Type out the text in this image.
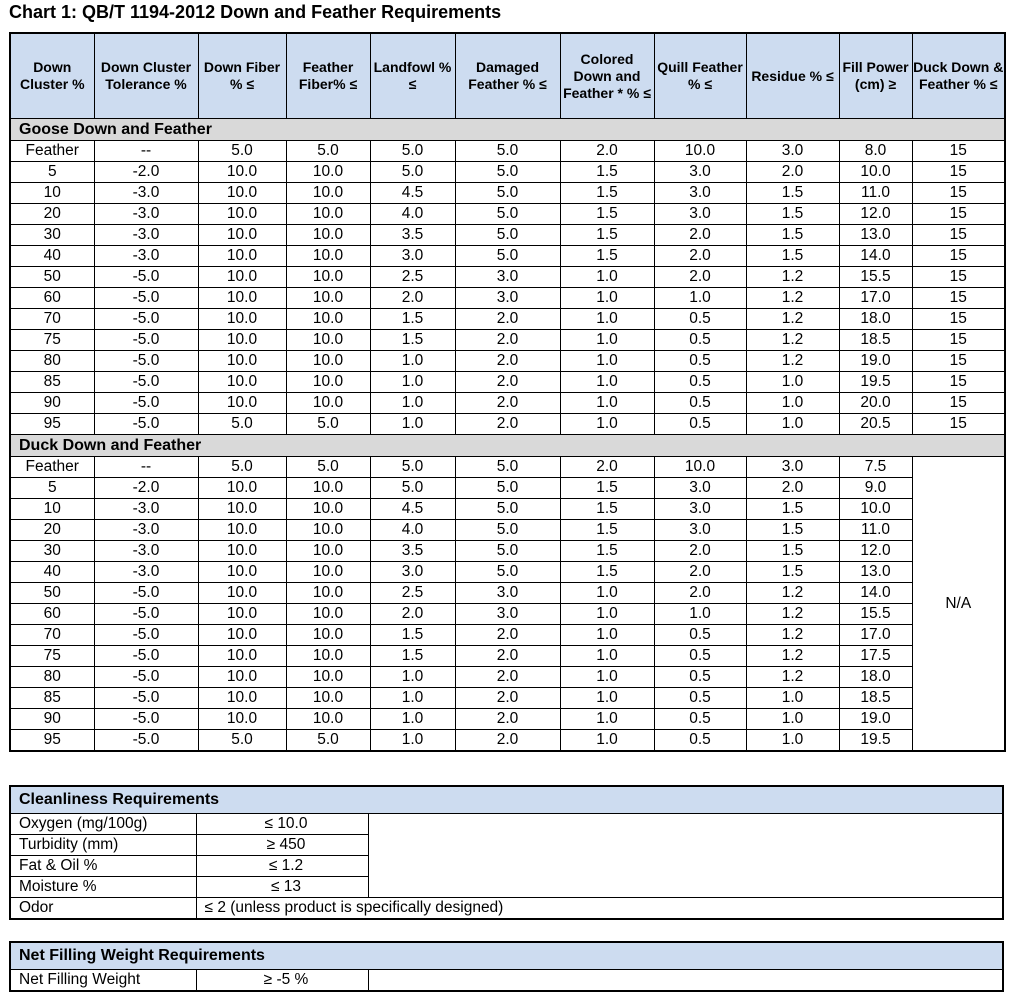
Chart 1: QB/T 1194-2012 Down and Feather Requirements
Down Cluster %	Down Cluster Tolerance %	Down Fiber % ≤	Feather Fiber% ≤	Landfowl % ≤	Damaged Feather % ≤	Colored Down and Feather * % ≤	Quill Feather % ≤	Residue % ≤	Fill Power (cm) ≥	Duck Down & Feather % ≤
Goose Down and Feather										
Feather	--	5.0	5.0	5.0	5.0	2.0	10.0	3.0	8.0	15
5	-2.0	10.0	10.0	5.0	5.0	1.5	3.0	2.0	10.0	15
10	-3.0	10.0	10.0	4.5	5.0	1.5	3.0	1.5	11.0	15
20	-3.0	10.0	10.0	4.0	5.0	1.5	3.0	1.5	12.0	15
30	-3.0	10.0	10.0	3.5	5.0	1.5	2.0	1.5	13.0	15
40	-3.0	10.0	10.0	3.0	5.0	1.5	2.0	1.5	14.0	15
50	-5.0	10.0	10.0	2.5	3.0	1.0	2.0	1.2	15.5	15
60	-5.0	10.0	10.0	2.0	3.0	1.0	1.0	1.2	17.0	15
70	-5.0	10.0	10.0	1.5	2.0	1.0	0.5	1.2	18.0	15
75	-5.0	10.0	10.0	1.5	2.0	1.0	0.5	1.2	18.5	15
80	-5.0	10.0	10.0	1.0	2.0	1.0	0.5	1.2	19.0	15
85	-5.0	10.0	10.0	1.0	2.0	1.0	0.5	1.0	19.5	15
90	-5.0	10.0	10.0	1.0	2.0	1.0	0.5	1.0	20.0	15
95	-5.0	5.0	5.0	1.0	2.0	1.0	0.5	1.0	20.5	15
Duck Down and Feather										
Feather	--	5.0	5.0	5.0	5.0	2.0	10.0	3.0	7.5	N/A
5	-2.0	10.0	10.0	5.0	5.0	1.5	3.0	2.0	9.0	
10	-3.0	10.0	10.0	4.5	5.0	1.5	3.0	1.5	10.0	
20	-3.0	10.0	10.0	4.0	5.0	1.5	3.0	1.5	11.0	
30	-3.0	10.0	10.0	3.5	5.0	1.5	2.0	1.5	12.0	
40	-3.0	10.0	10.0	3.0	5.0	1.5	2.0	1.5	13.0	
50	-5.0	10.0	10.0	2.5	3.0	1.0	2.0	1.2	14.0	
60	-5.0	10.0	10.0	2.0	3.0	1.0	1.0	1.2	15.5	
70	-5.0	10.0	10.0	1.5	2.0	1.0	0.5	1.2	17.0	
75	-5.0	10.0	10.0	1.5	2.0	1.0	0.5	1.2	17.5	
80	-5.0	10.0	10.0	1.0	2.0	1.0	0.5	1.2	18.0	
85	-5.0	10.0	10.0	1.0	2.0	1.0	0.5	1.0	18.5	
90	-5.0	10.0	10.0	1.0	2.0	1.0	0.5	1.0	19.0	
95	-5.0	5.0	5.0	1.0	2.0	1.0	0.5	1.0	19.5	
Cleanliness Requirements		
Oxygen (mg/100g)	≤ 10.0	
Turbidity (mm)	≥ 450	
Fat & Oil %	≤ 1.2	
Moisture %	≤ 13	
Odor	≤ 2 (unless product is specifically designed)	
Net Filling Weight Requirements
Net Filling Weight	≥ -5 %	
